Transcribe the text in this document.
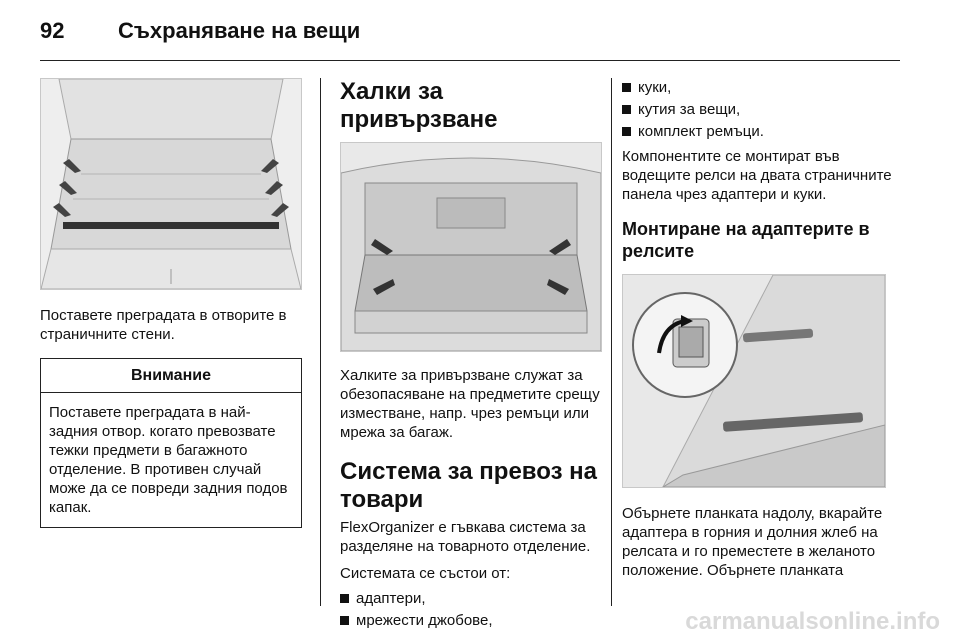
92 Съхраняване на вещи

Поставете преградата в отворите в страничните стени.

Внимание
Поставете преградата в най-задния отвор. когато превозвате тежки предмети в багажното отделение. В противен случай може да се повреди задния подов капак.
Халки за привързване

Халките за привързване служат за обезопасяване на предметите срещу изместване, напр. чрез ремъци или мрежа за багаж.

Система за превоз на товари

FlexOrganizer е гъвкава система за разделяне на товарното отделение.

Системата се състои от:

адаптери,
мрежести джобове,
куки,
кутия за вещи,
комплект ремъци.

Компонентите се монтират във водещите релси на двата страничните панела чрез адаптери и куки.

Монтиране на адаптерите в релсите

Обърнете планката надолу, вкарайте адаптера в горния и долния жлеб на релсата и го преместете в желаното положение. Обърнете планката

carmanualsonline.info
